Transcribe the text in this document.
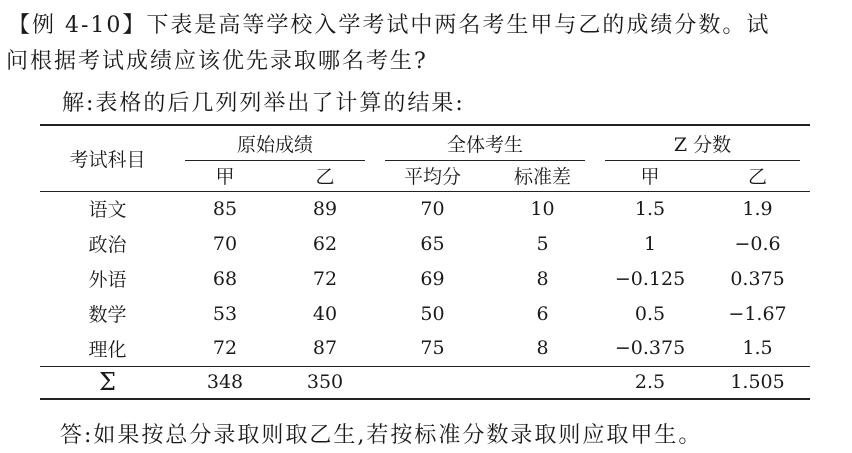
【例 4-10】下表是高等学校入学考试中两名考生甲与乙的成绩分数。试
问根据考试成绩应该优先录取哪名考生?
解:表格的后几列列举出了计算的结果:
考试科目	原始成绩		全体考生		Z 分数	

	甲	乙	平均分	标准差	甲	乙
语文	85	89	70	10	1.5	1.9
政治	70	62	65	5	1	−0.6
外语	68	72	69	8	−0.125	0.375
数学	53	40	50	6	0.5	−1.67
理化	72	87	75	8	−0.375	1.5
Σ	348	350			2.5	1.505
答:如果按总分录取则取乙生,若按标准分数录取则应取甲生。
